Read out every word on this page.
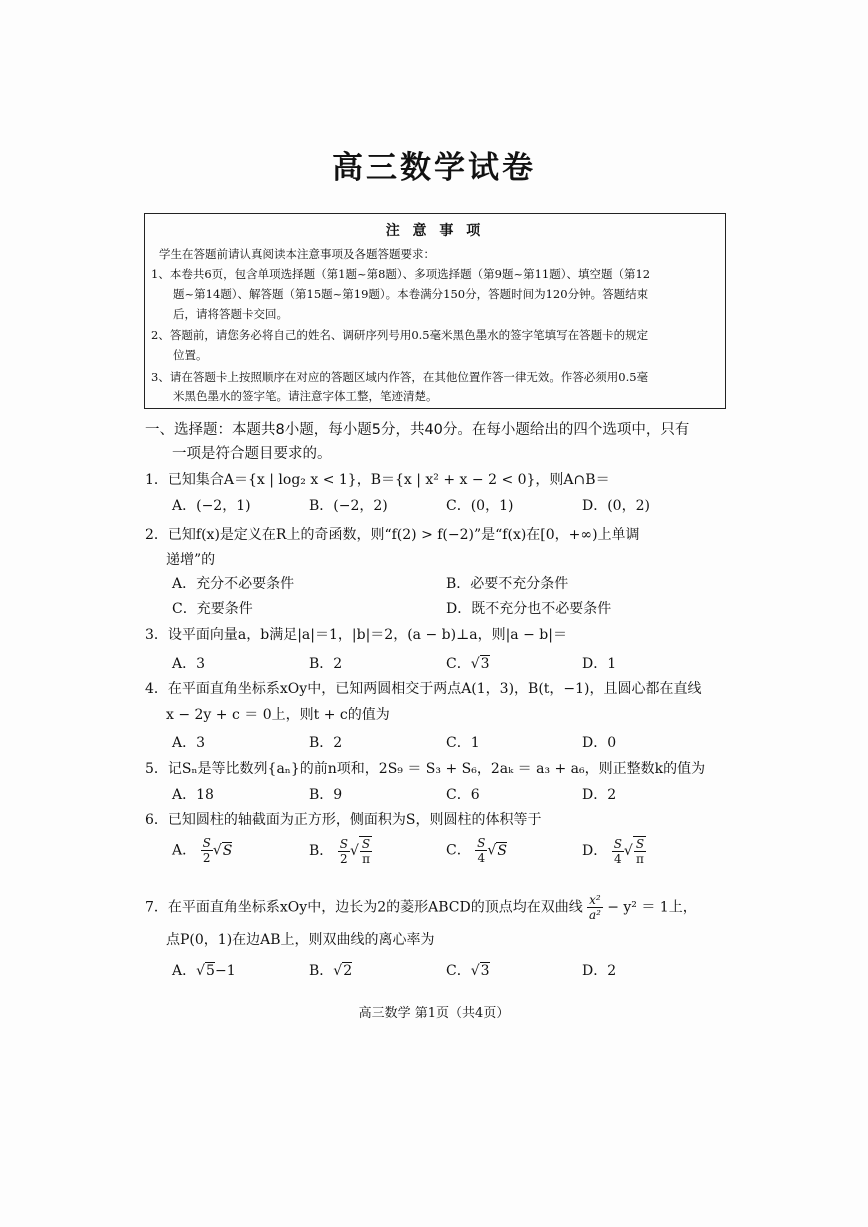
高三数学试卷
注 意 事 项
学生在答题前请认真阅读本注意事项及各题答题要求：
1、本卷共6页，包含单项选择题（第1题~第8题）、多项选择题（第9题~第11题）、填空题（第12
题~第14题）、解答题（第15题~第19题）。本卷满分150分，答题时间为120分钟。答题结束
后，请将答题卡交回。
2、答题前，请您务必将自己的姓名、调研序列号用0.5毫米黑色墨水的签字笔填写在答题卡的规定
位置。
3、请在答题卡上按照顺序在对应的答题区域内作答，在其他位置作答一律无效。作答必须用0.5毫
米黑色墨水的签字笔。请注意字体工整，笔迹清楚。
一、选择题：本题共8小题，每小题5分，共40分。在每小题给出的四个选项中，只有
一项是符合题目要求的。
1．已知集合A＝{x | log₂ x < 1}，B＝{x | x² + x − 2 < 0}，则A∩B＝
A．(−2，1)	B．(−2，2)	C．(0，1)	D．(0，2)
2．已知f(x)是定义在R上的奇函数，则“f(2) > f(−2)”是“f(x)在[0，+∞)上单调
递增”的
A．充分不必要条件	B．必要不充分条件
C．充要条件	D．既不充分也不必要条件
3．设平面向量a，b满足|a|＝1，|b|＝2，(a − b)⊥a，则|a − b|＝
A．3	B．2	C．√3	D．1
4．在平面直角坐标系xOy中，已知两圆相交于两点A(1，3)，B(t，−1)，且圆心都在直线
x − 2y + c ＝ 0上，则t + c的值为
A．3	B．2	C．1	D．0
5．记Sₙ是等比数列{aₙ}的前n项和，2S₉ ＝ S₃ + S₆，2aₖ ＝ a₃ + a₆，则正整数k的值为
A．18	B．9	C．6	D．2
6．已知圆柱的轴截面为正方形，侧面积为S，则圆柱的体积等于
A． $\frac{S}{2} √S$	B． $\frac{S}{2}$ √ $\frac{S}{\pi}$	C． $\frac{S}{4} √S$	D． $\frac{S}{4}$ √ $\frac{S}{\pi}$
7．在平面直角坐标系xOy中，边长为2的菱形ABCD的顶点均在双曲线 $\frac{\text{x²}}{\text{a²}} - y^2 = 1$上，
点P(0，1)在边AB上，则双曲线的离心率为
A．√5−1	B．√2	C．√3	D．2
高三数学 第1页（共4页）
